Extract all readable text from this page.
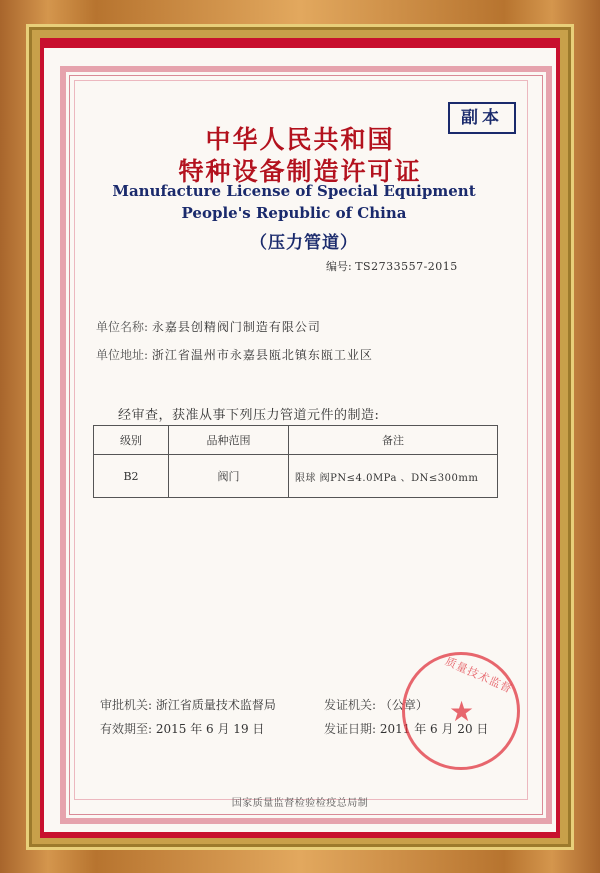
副本
中华人民共和国
特种设备制造许可证
Manufacture License of Special Equipment
People's Republic of China
（压力管道）
编号: TS2733557-2015
单位名称: 永嘉县创精阀门制造有限公司
单位地址: 浙江省温州市永嘉县瓯北镇东瓯工业区
经审查，获准从事下列压力管道元件的制造:
级别	品种范围	备注
B2	阀门	限球 阀PN≤4.0MPa 、DN≤300mm
审批机关: 浙江省质量技术监督局	发证机关: （公章）
有效期至: 2015 年 6 月 19 日	发证日期: 2011 年 6 月 20 日
质量技术监督
★
国家质量监督检验检疫总局制
